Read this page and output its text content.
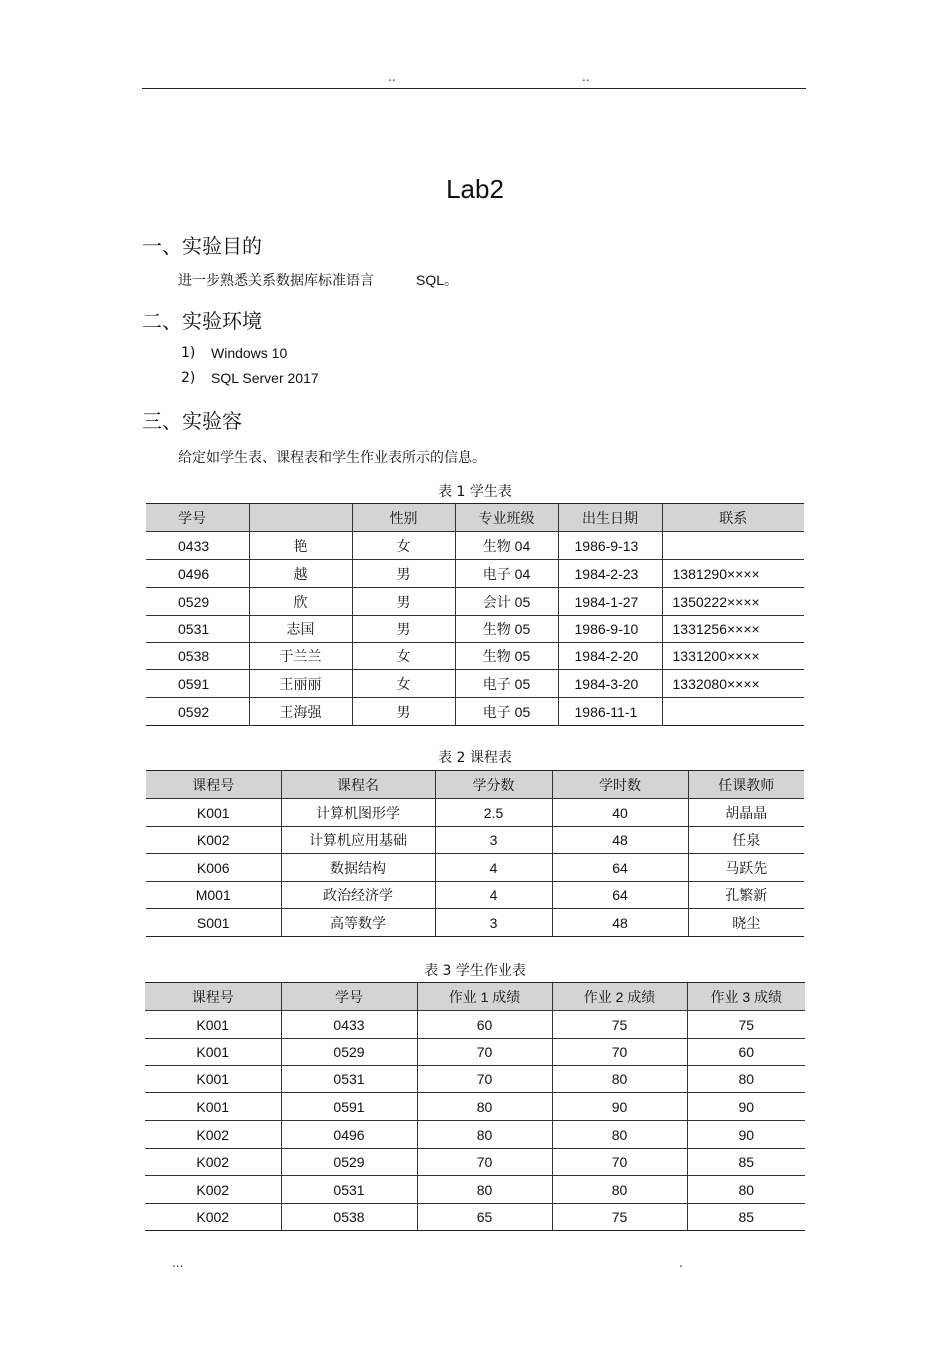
..	..
Lab2
一、实验目的
进一步熟悉关系数据库标准语言	SQL。
二、实验环境
1) Windows 10
2) SQL Server 2017
三、实验容
给定如学生表、课程表和学生作业表所示的信息。
表 1 学生表
学号		性别	专业班级	出生日期	联系
0433	艳	女	生物 04	1986-9-13	
0496	越	男	电子 04	1984-2-23	1381290××××
0529	欣	男	会计 05	1984-1-27	1350222××××
0531	志国	男	生物 05	1986-9-10	1331256××××
0538	于兰兰	女	生物 05	1984-2-20	1331200××××
0591	王丽丽	女	电子 05	1984-3-20	1332080××××
0592	王海强	男	电子 05	1986-11-1	
表 2 课程表
课程号	课程名	学分数	学时数	任课教师
K001	计算机图形学	2.5	40	胡晶晶
K002	计算机应用基础	3	48	任泉
K006	数据结构	4	64	马跃先
M001	政治经济学	4	64	孔繁新
S001	高等数学	3	48	晓尘
表 3 学生作业表
课程号	学号	作业 1 成绩	作业 2 成绩	作业 3 成绩
K001	0433	60	75	75
K001	0529	70	70	60
K001	0531	70	80	80
K001	0591	80	90	90
K002	0496	80	80	90
K002	0529	70	70	85
K002	0531	80	80	80
K002	0538	65	75	85
...	.
